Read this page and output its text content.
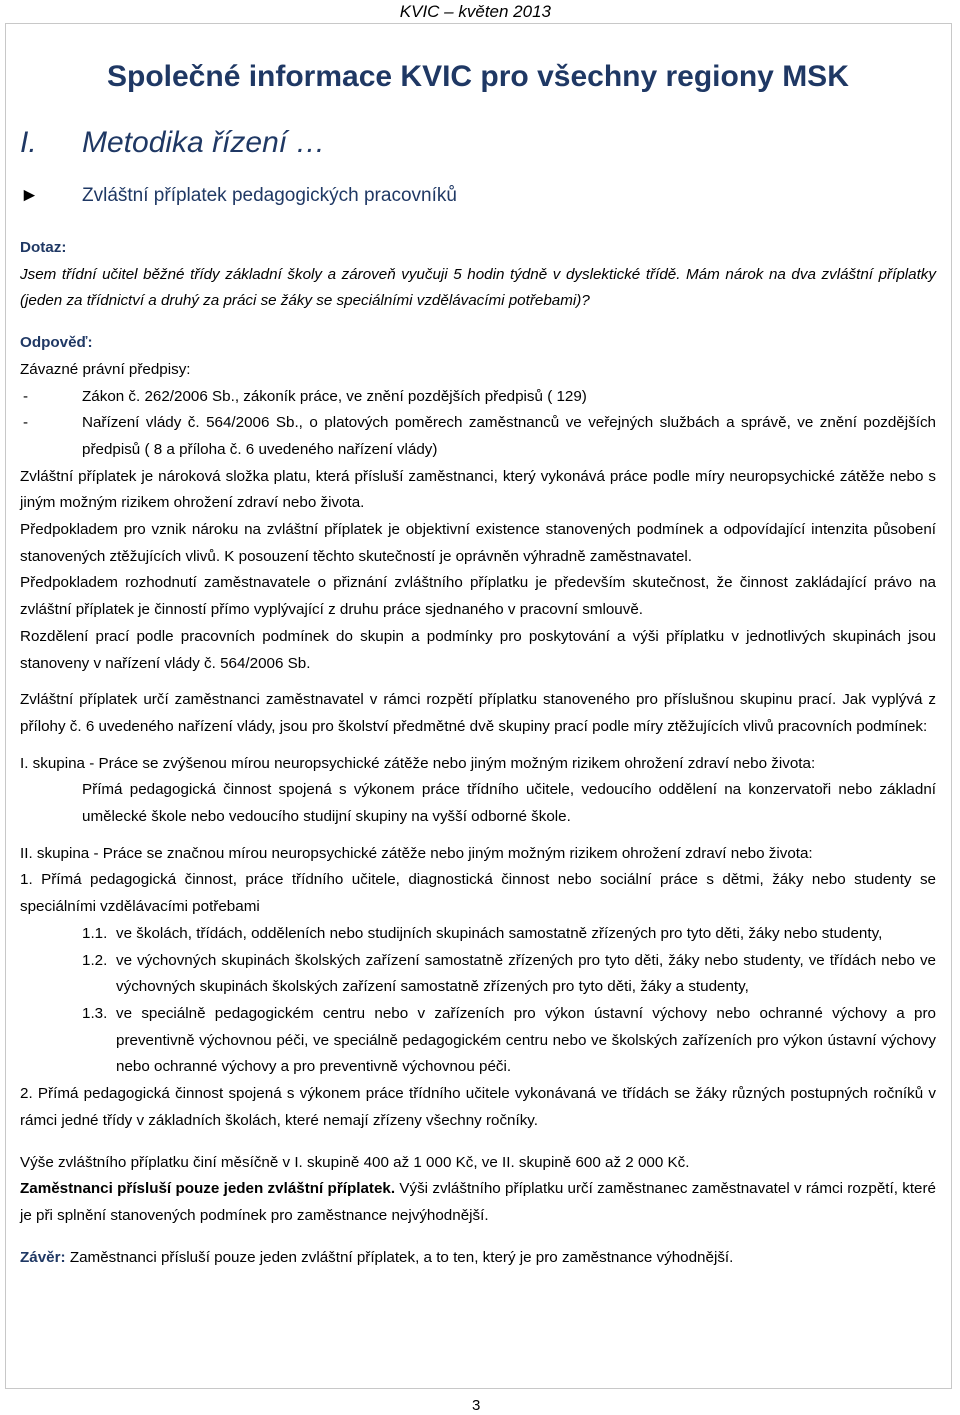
KVIC – květen 2013
Společné informace KVIC pro všechny regiony MSK
I. Metodika řízení …
► Zvláštní příplatek pedagogických pracovníků

Dotaz:

Jsem třídní učitel běžné třídy základní školy a zároveň vyučuji 5 hodin týdně v dyslektické třídě. Mám nárok na dva zvláštní příplatky (jeden za třídnictví a druhý za práci se žáky se speciálními vzdělávacími potřebami)?

Odpověď:

Závazné právní předpisy:

-	Zákon č. 262/2006 Sb., zákoník práce, ve znění pozdějších předpisů ( 129)
-	Nařízení vlády č. 564/2006 Sb., o platových poměrech zaměstnanců ve veřejných službách a správě, ve znění pozdějších předpisů ( 8 a příloha č. 6 uvedeného nařízení vlády)

Zvláštní příplatek je nároková složka platu, která přísluší zaměstnanci, který vykonává práce podle míry neuropsychické zátěže nebo s jiným možným rizikem ohrožení zdraví nebo života.

Předpokladem pro vznik nároku na zvláštní příplatek je objektivní existence stanovených podmínek a odpovídající intenzita působení stanovených ztěžujících vlivů. K posouzení těchto skutečností je oprávněn výhradně zaměstnavatel.

Předpokladem rozhodnutí zaměstnavatele o přiznání zvláštního příplatku je především skutečnost, že činnost zakládající právo na zvláštní příplatek je činností přímo vyplývající z druhu práce sjednaného v pracovní smlouvě.

Rozdělení prací podle pracovních podmínek do skupin a podmínky pro poskytování a výši příplatku v jednotlivých skupinách jsou stanoveny v nařízení vlády č. 564/2006 Sb.

Zvláštní příplatek určí zaměstnanci zaměstnavatel v rámci rozpětí příplatku stanoveného pro příslušnou skupinu prací. Jak vyplývá z přílohy č. 6 uvedeného nařízení vlády, jsou pro školství předmětné dvě skupiny prací podle míry ztěžujících vlivů pracovních podmínek:

I. skupina - Práce se zvýšenou mírou neuropsychické zátěže nebo jiným možným rizikem ohrožení zdraví nebo života:

Přímá pedagogická činnost spojená s výkonem práce třídního učitele, vedoucího oddělení na konzervatoři nebo základní umělecké škole nebo vedoucího studijní skupiny na vyšší odborné škole.

II. skupina - Práce se značnou mírou neuropsychické zátěže nebo jiným možným rizikem ohrožení zdraví nebo života:

1. Přímá pedagogická činnost, práce třídního učitele, diagnostická činnost nebo sociální práce s dětmi, žáky nebo studenty se speciálními vzdělávacími potřebami

1.1. ve školách, třídách, odděleních nebo studijních skupinách samostatně zřízených pro tyto děti, žáky nebo studenty,
1.2. ve výchovných skupinách školských zařízení samostatně zřízených pro tyto děti, žáky nebo studenty, ve třídách nebo ve výchovných skupinách školských zařízení samostatně zřízených pro tyto děti, žáky a studenty,
1.3. ve speciálně pedagogickém centru nebo v zařízeních pro výkon ústavní výchovy nebo ochranné výchovy a pro preventivně výchovnou péči, ve speciálně pedagogickém centru nebo ve školských zařízeních pro výkon ústavní výchovy nebo ochranné výchovy a pro preventivně výchovnou péči.

2. Přímá pedagogická činnost spojená s výkonem práce třídního učitele vykonávaná ve třídách se žáky různých postupných ročníků v rámci jedné třídy v základních školách, které nemají zřízeny všechny ročníky.

Výše zvláštního příplatku činí měsíčně v I. skupině 400 až 1 000 Kč, ve II. skupině 600 až 2 000 Kč.

Zaměstnanci přísluší pouze jeden zvláštní příplatek. Výši zvláštního příplatku určí zaměstnanec zaměstnavatel v rámci rozpětí, které je při splnění stanovených podmínek pro zaměstnance nejvýhodnější.

Závěr: Zaměstnanci přísluší pouze jeden zvláštní příplatek, a to ten, který je pro zaměstnance výhodnější.

3
